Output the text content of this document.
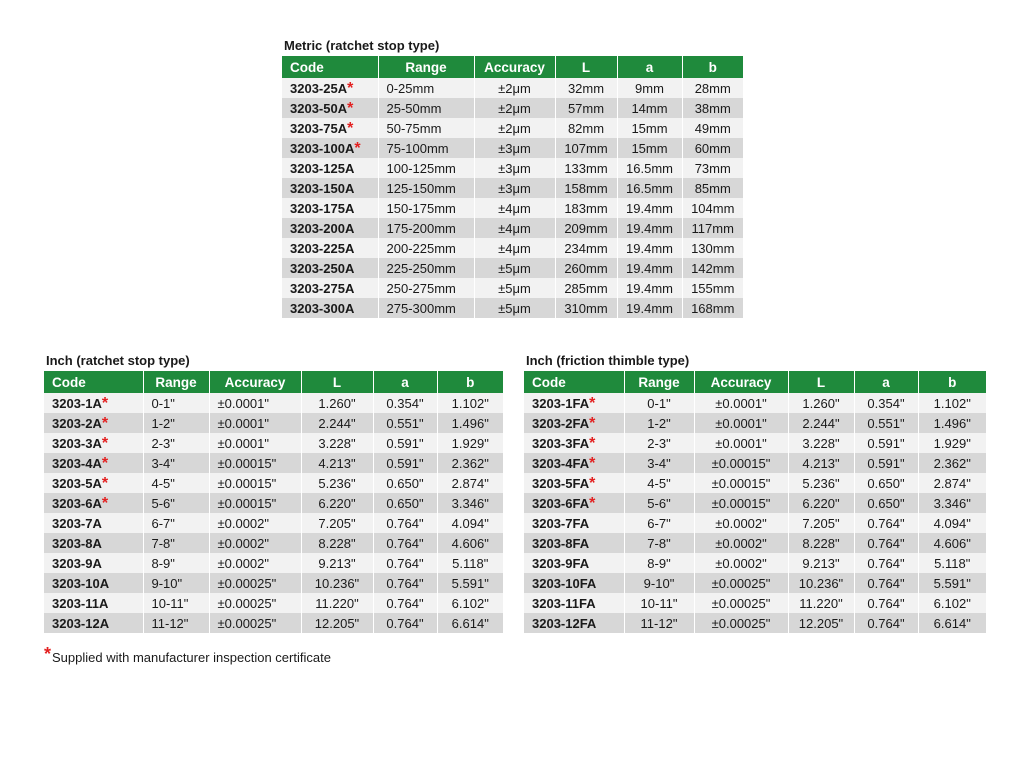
Metric (ratchet stop type)
Code	Range	Accuracy	L	a	b
3203-25A*	0-25mm	±2μm	32mm	9mm	28mm
3203-50A*	25-50mm	±2μm	57mm	14mm	38mm
3203-75A*	50-75mm	±2μm	82mm	15mm	49mm
3203-100A*	75-100mm	±3μm	107mm	15mm	60mm
3203-125A	100-125mm	±3μm	133mm	16.5mm	73mm
3203-150A	125-150mm	±3μm	158mm	16.5mm	85mm
3203-175A	150-175mm	±4μm	183mm	19.4mm	104mm
3203-200A	175-200mm	±4μm	209mm	19.4mm	117mm
3203-225A	200-225mm	±4μm	234mm	19.4mm	130mm
3203-250A	225-250mm	±5μm	260mm	19.4mm	142mm
3203-275A	250-275mm	±5μm	285mm	19.4mm	155mm
3203-300A	275-300mm	±5μm	310mm	19.4mm	168mm
Inch (ratchet stop type)
Code	Range	Accuracy	L	a	b
3203-1A*	0-1"	±0.0001"	1.260"	0.354"	1.102"
3203-2A*	1-2"	±0.0001"	2.244"	0.551"	1.496"
3203-3A*	2-3"	±0.0001"	3.228"	0.591"	1.929"
3203-4A*	3-4"	±0.00015"	4.213"	0.591"	2.362"
3203-5A*	4-5"	±0.00015"	5.236"	0.650"	2.874"
3203-6A*	5-6"	±0.00015"	6.220"	0.650"	3.346"
3203-7A	6-7"	±0.0002"	7.205"	0.764"	4.094"
3203-8A	7-8"	±0.0002"	8.228"	0.764"	4.606"
3203-9A	8-9"	±0.0002"	9.213"	0.764"	5.118"
3203-10A	9-10"	±0.00025"	10.236"	0.764"	5.591"
3203-11A	10-11"	±0.00025"	11.220"	0.764"	6.102"
3203-12A	11-12"	±0.00025"	12.205"	0.764"	6.614"
Inch (friction thimble type)
Code	Range	Accuracy	L	a	b
3203-1FA*	0-1"	±0.0001"	1.260"	0.354"	1.102"
3203-2FA*	1-2"	±0.0001"	2.244"	0.551"	1.496"
3203-3FA*	2-3"	±0.0001"	3.228"	0.591"	1.929"
3203-4FA*	3-4"	±0.00015"	4.213"	0.591"	2.362"
3203-5FA*	4-5"	±0.00015"	5.236"	0.650"	2.874"
3203-6FA*	5-6"	±0.00015"	6.220"	0.650"	3.346"
3203-7FA	6-7"	±0.0002"	7.205"	0.764"	4.094"
3203-8FA	7-8"	±0.0002"	8.228"	0.764"	4.606"
3203-9FA	8-9"	±0.0002"	9.213"	0.764"	5.118"
3203-10FA	9-10"	±0.00025"	10.236"	0.764"	5.591"
3203-11FA	10-11"	±0.00025"	11.220"	0.764"	6.102"
3203-12FA	11-12"	±0.00025"	12.205"	0.764"	6.614"
*Supplied with manufacturer inspection certificate
